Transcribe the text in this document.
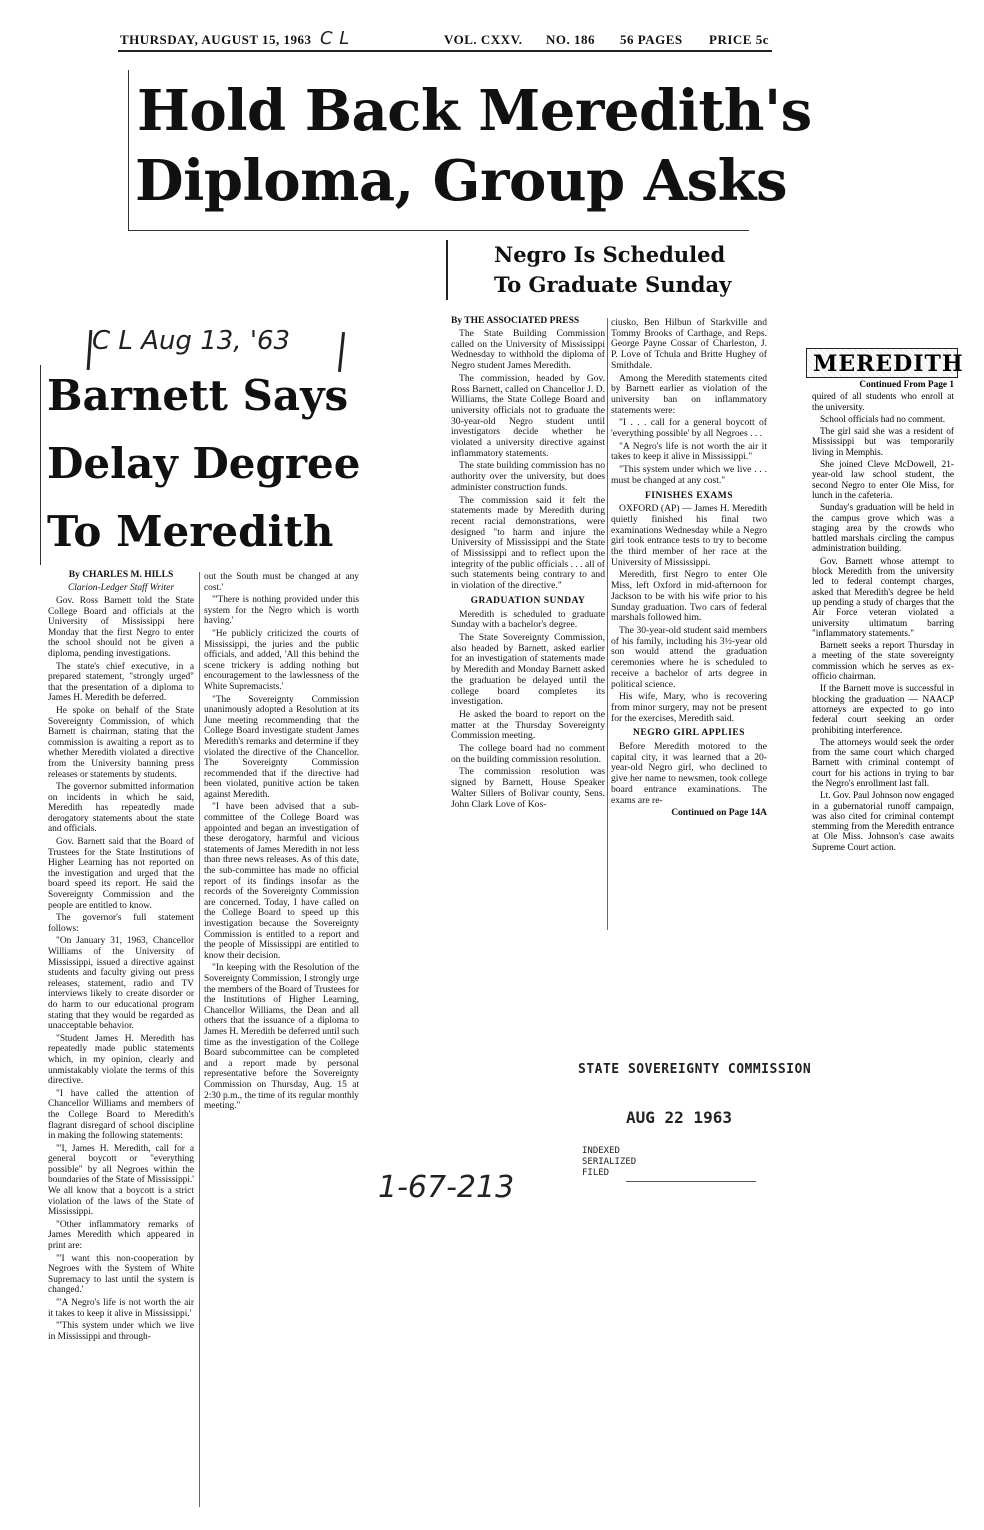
THURSDAY, AUGUST 15, 1963 C L	VOL. CXXV. NO. 186 56 PAGES PRICE 5c
Hold Back Meredith's
Diploma, Group Asks
Negro Is Scheduled
To Graduate Sunday

By THE ASSOCIATED PRESS

The State Building Commission called on the University of Mississippi Wednesday to withhold the diploma of Negro student James Meredith.

The commission, headed by Gov. Ross Barnett, called on Chancellor J. D. Williams, the State College Board and university officials not to graduate the 30-year-old Negro student until investigators decide whether he violated a university directive against inflammatory statements.

The state building commission has no authority over the university, but does administer construction funds.

The commission said it felt the statements made by Meredith during recent racial demonstrations, were designed "to harm and injure the University of Mississippi and the State of Mississippi and to reflect upon the integrity of the public officials . . . all of such statements being contrary to and in violation of the directive."

GRADUATION SUNDAY

Meredith is scheduled to graduate Sunday with a bachelor's degree.

The State Sovereignty Commission, also headed by Barnett, asked earlier for an investigation of statements made by Meredith and Monday Barnett asked the graduation be delayed until the college board completes its investigation.

He asked the board to report on the matter at the Thursday Sovereignty Commission meeting.

The college board had no comment on the building commission resolution.

The commission resolution was signed by Barnett, House Speaker Walter Sillers of Bolivar county, Sens. John Clark Love of Kos-

ciusko, Ben Hilbun of Starkville and Tommy Brooks of Carthage, and Reps. George Payne Cossar of Charleston, J. P. Love of Tchula and Britte Hughey of Smithdale.

Among the Meredith statements cited by Barnett earlier as violation of the university ban on inflammatory statements were:

"I . . . call for a general boycott of 'everything possible' by all Negroes . . .

"A Negro's life is not worth the air it takes to keep it alive in Mississippi."

"This system under which we live . . . must be changed at any cost."

FINISHES EXAMS

OXFORD (AP) — James H. Meredith quietly finished his final two examinations Wednesday while a Negro girl took entrance tests to try to become the third member of her race at the University of Mississippi.

Meredith, first Negro to enter Ole Miss, left Oxford in mid-afternoon for Jackson to be with his wife prior to his Sunday graduation. Two cars of federal marshals followed him.

The 30-year-old student said members of his family, including his 3½-year old son would attend the graduation ceremonies where he is scheduled to receive a bachelor of arts degree in political science.

His wife, Mary, who is recovering from minor surgery, may not be present for the exercises, Meredith said.

NEGRO GIRL APPLIES

Before Meredith motored to the capital city, it was learned that a 20-year-old Negro girl, who declined to give her name to newsmen, took college board entrance examinations. The exams are re-

Continued on Page 14A
MEREDITH

Continued From Page 1

quired of all students who enroll at the university.

School officials had no comment.

The girl said she was a resident of Mississippi but was temporarily living in Memphis.

She joined Cleve McDowell, 21-year-old law school student, the second Negro to enter Ole Miss, for lunch in the cafeteria.

Sunday's graduation will be held in the campus grove which was a staging area by the crowds who battled marshals circling the campus administration building.

Gov. Barnett whose attempt to block Meredith from the university led to federal contempt charges, asked that Meredith's degree be held up pending a study of charges that the Air Force veteran violated a university ultimatum barring "inflammatory statements."

Barnett seeks a report Thursday in a meeting of the state sovereignty commission which he serves as ex-officio chairman.

If the Barnett move is successful in blocking the graduation — NAACP attorneys are expected to go into federal court seeking an order prohibiting interference.

The attorneys would seek the order from the same court which charged Barnett with criminal contempt of court for his actions in trying to bar the Negro's enrollment last fall.

Lt. Gov. Paul Johnson now engaged in a gubernatorial runoff campaign, was also cited for criminal contempt stemming from the Meredith entrance at Ole Miss. Johnson's case awaits Supreme Court action.

C L Aug 13, '63
Barnett Says
Delay Degree
To Meredith

By CHARLES M. HILLS

Clarion-Ledger Staff Writer

Gov. Ross Barnett told the State College Board and officials at the University of Mississippi here Monday that the first Negro to enter the school should not be given a diploma, pending investigations.

The state's chief executive, in a prepared statement, "strongly urged" that the presentation of a diploma to James H. Meredith be deferred.

He spoke on behalf of the State Sovereignty Commission, of which Barnett is chairman, stating that the commission is awaiting a report as to whether Meredith violated a directive from the University banning press releases or statements by students.

The governor submitted information on incidents in which he said, Meredith has repeatedly made derogatory statements about the state and officials.

Gov. Barnett said that the Board of Trustees for the State Institutions of Higher Learning has not reported on the investigation and urged that the board speed its report. He said the Sovereignty Commission and the people are entitled to know.

The governor's full statement follows:

"On January 31, 1963, Chancellor Williams of the University of Mississippi, issued a directive against students and faculty giving out press releases, statement, radio and TV interviews likely to create disorder or do harm to our educational program stating that they would be regarded as unacceptable behavior.

"Student James H. Meredith has repeatedly made public statements which, in my opinion, clearly and unmistakably violate the terms of this directive.

"I have called the attention of Chancellor Williams and members of the College Board to Meredith's flagrant disregard of school discipline in making the following statements:

"'I, James H. Meredith, call for a general boycott or "everything possible" by all Negroes within the boundaries of the State of Mississippi.' We all know that a boycott is a strict violation of the laws of the State of Mississippi.

"Other inflammatory remarks of James Meredith which appeared in print are:

"'I want this non-cooperation by Negroes with the System of White Supremacy to last until the system is changed.'

"'A Negro's life is not worth the air it takes to keep it alive in Mississippi.'

"'This system under which we live in Mississippi and through-

out the South must be changed at any cost.'

"'There is nothing provided under this system for the Negro which is worth having.'

"He publicly criticized the courts of Mississippi, the juries and the public officials, and added, 'All this behind the scene trickery is adding nothing but encouragement to the lawlessness of the White Supremacists.'

"The Sovereignty Commission unanimously adopted a Resolution at its June meeting recommending that the College Board investigate student James Meredith's remarks and determine if they violated the directive of the Chancellor. The Sovereignty Commission recommended that if the directive had been violated, punitive action be taken against Meredith.

"I have been advised that a sub-committee of the College Board was appointed and began an investigation of these derogatory, harmful and vicious statements of James Meredith in not less than three news releases. As of this date, the sub-committee has made no official report of its findings insofar as the records of the Sovereignty Commission are concerned. Today, I have called on the College Board to speed up this investigation because the Sovereignty Commission is entitled to a report and the people of Mississippi are entitled to know their decision.

"In keeping with the Resolution of the Sovereignty Commission, I strongly urge the members of the Board of Trustees for the Institutions of Higher Learning, Chancellor Williams, the Dean and all others that the issuance of a diploma to James H. Meredith be deferred until such time as the investigation of the College Board subcommittee can be completed and a report made by personal representative before the Sovereignty Commission on Thursday, Aug. 15 at 2:30 p.m., the time of its regular monthly meeting."

STATE SOVEREIGNTY COMMISSION
AUG 22 1963
INDEXED
SERIALIZED
FILED
1-67-213
